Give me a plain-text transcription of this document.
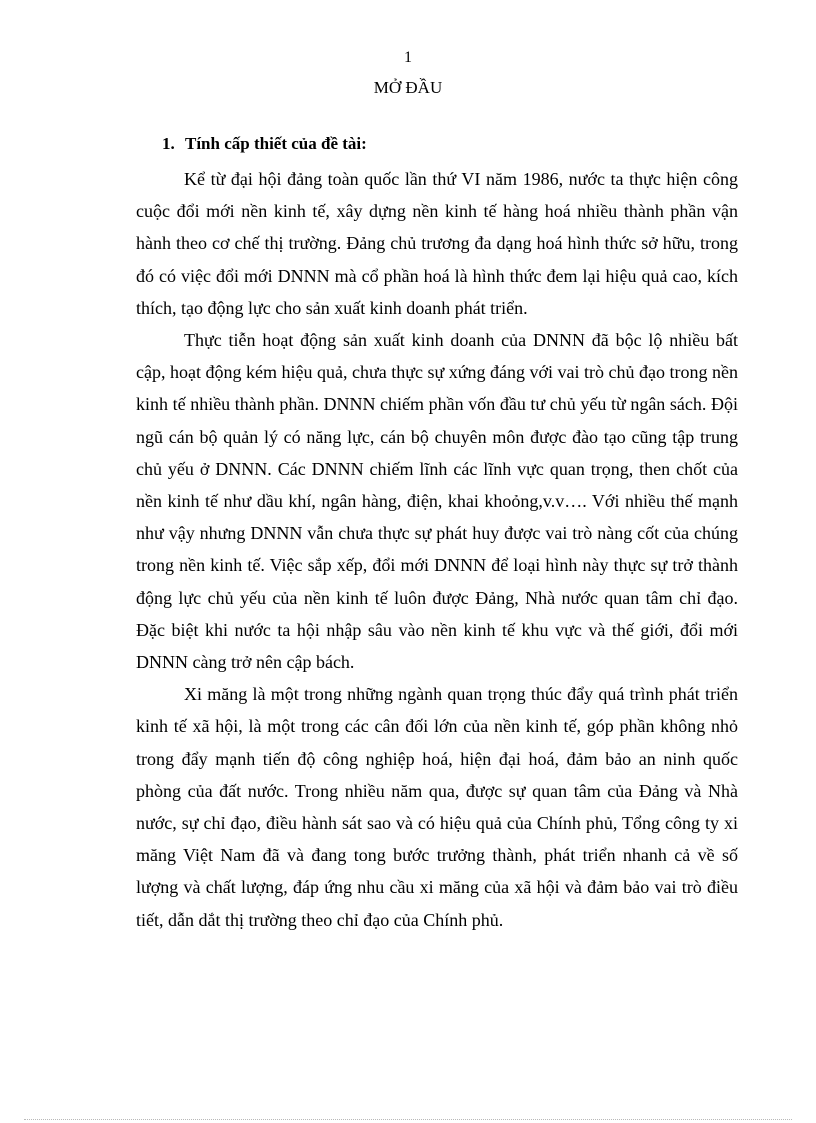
1
MỞ ĐẦU
1. Tính cấp thiết của đề tài:

Kể từ đại hội đảng toàn quốc lần thứ VI năm 1986, nước ta thực hiện công cuộc đổi mới nền kinh tế, xây dựng nền kinh tế hàng hoá nhiều thành phần vận hành theo cơ chế thị trường. Đảng chủ trương đa dạng hoá hình thức sở hữu, trong đó có việc đổi mới DNNN mà cổ phần hoá là hình thức đem lại hiệu quả cao, kích thích, tạo động lực cho sản xuất kinh doanh phát triển.

Thực tiễn hoạt động sản xuất kinh doanh của DNNN đã bộc lộ nhiều bất cập, hoạt động kém hiệu quả, chưa thực sự xứng đáng với vai trò chủ đạo trong nền kinh tế nhiều thành phần. DNNN chiếm phần vốn đầu tư chủ yếu từ ngân sách. Đội ngũ cán bộ quản lý có năng lực, cán bộ chuyên môn được đào tạo cũng tập trung chủ yếu ở DNNN. Các DNNN chiếm lĩnh các lĩnh vực quan trọng, then chốt của nền kinh tế như dầu khí, ngân hàng, điện, khai khoỏng,v.v…. Với nhiều thế mạnh như vậy nhưng DNNN vẫn chưa thực sự phát huy được vai trò nàng cốt của chúng trong nền kinh tế. Việc sắp xếp, đổi mới DNNN để loại hình này thực sự trở thành động lực chủ yếu của nền kinh tế luôn được Đảng, Nhà nước quan tâm chỉ đạo. Đặc biệt khi nước ta hội nhập sâu vào nền kinh tế khu vực và thế giới, đổi mới DNNN càng trở nên cập bách.

Xi măng là một trong những ngành quan trọng thúc đẩy quá trình phát triển kinh tế xã hội, là một trong các cân đối lớn của nền kinh tế, góp phần không nhỏ trong đẩy mạnh tiến độ công nghiệp hoá, hiện đại hoá, đảm bảo an ninh quốc phòng của đất nước. Trong nhiều năm qua, được sự quan tâm của Đảng và Nhà nước, sự chỉ đạo, điều hành sát sao và có hiệu quả của Chính phủ, Tổng công ty xi măng Việt Nam đã và đang tong bước trưởng thành, phát triển nhanh cả về số lượng và chất lượng, đáp ứng nhu cầu xi măng của xã hội và đảm bảo vai trò điều tiết, dẫn dắt thị trường theo chỉ đạo của Chính phủ.
